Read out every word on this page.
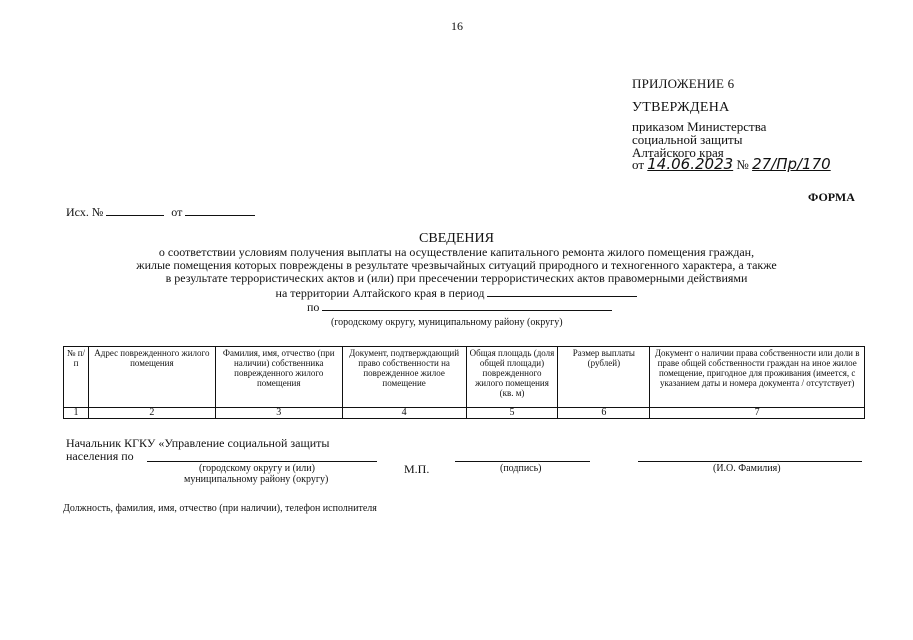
16
ПРИЛОЖЕНИЕ 6
УТВЕРЖДЕНА
приказом Министерства
социальной защиты
Алтайского края
от 14.06.2023 № 27/Пр/170
ФОРМА
Исх. №	от
СВЕДЕНИЯ
о соответствии условиям получения выплаты на осуществление капитального ремонта жилого помещения граждан,
жилые помещения которых повреждены в результате чрезвычайных ситуаций природного и техногенного характера, а также
в результате террористических актов и (или) при пресечении террористических актов правомерными действиями
на территории Алтайского края в период
по
(городскому округу, муниципальному району (округу)
№ п/п	Адрес поврежденного жилого помещения	Фамилия, имя, отчество (при наличии) собственника поврежденного жилого помещения	Документ, подтверждающий право собственности на поврежденное жилое помещение	Общая площадь (доля общей площади) поврежденного жилого помещения (кв. м)	Размер выплаты (рублей)	Документ о наличии права собственности или доли в праве общей собственности граждан на иное жилое помещение, пригодное для проживания (имеется, с указанием даты и номера документа / отсутствует)
1	2	3	4	5	6	7
Начальник КГКУ «Управление социальной защиты
населения по
(городскому округу и (или)
муниципальному району (округу)
М.П.	(подпись)	(И.О. Фамилия)
Должность, фамилия, имя, отчество (при наличии), телефон исполнителя
